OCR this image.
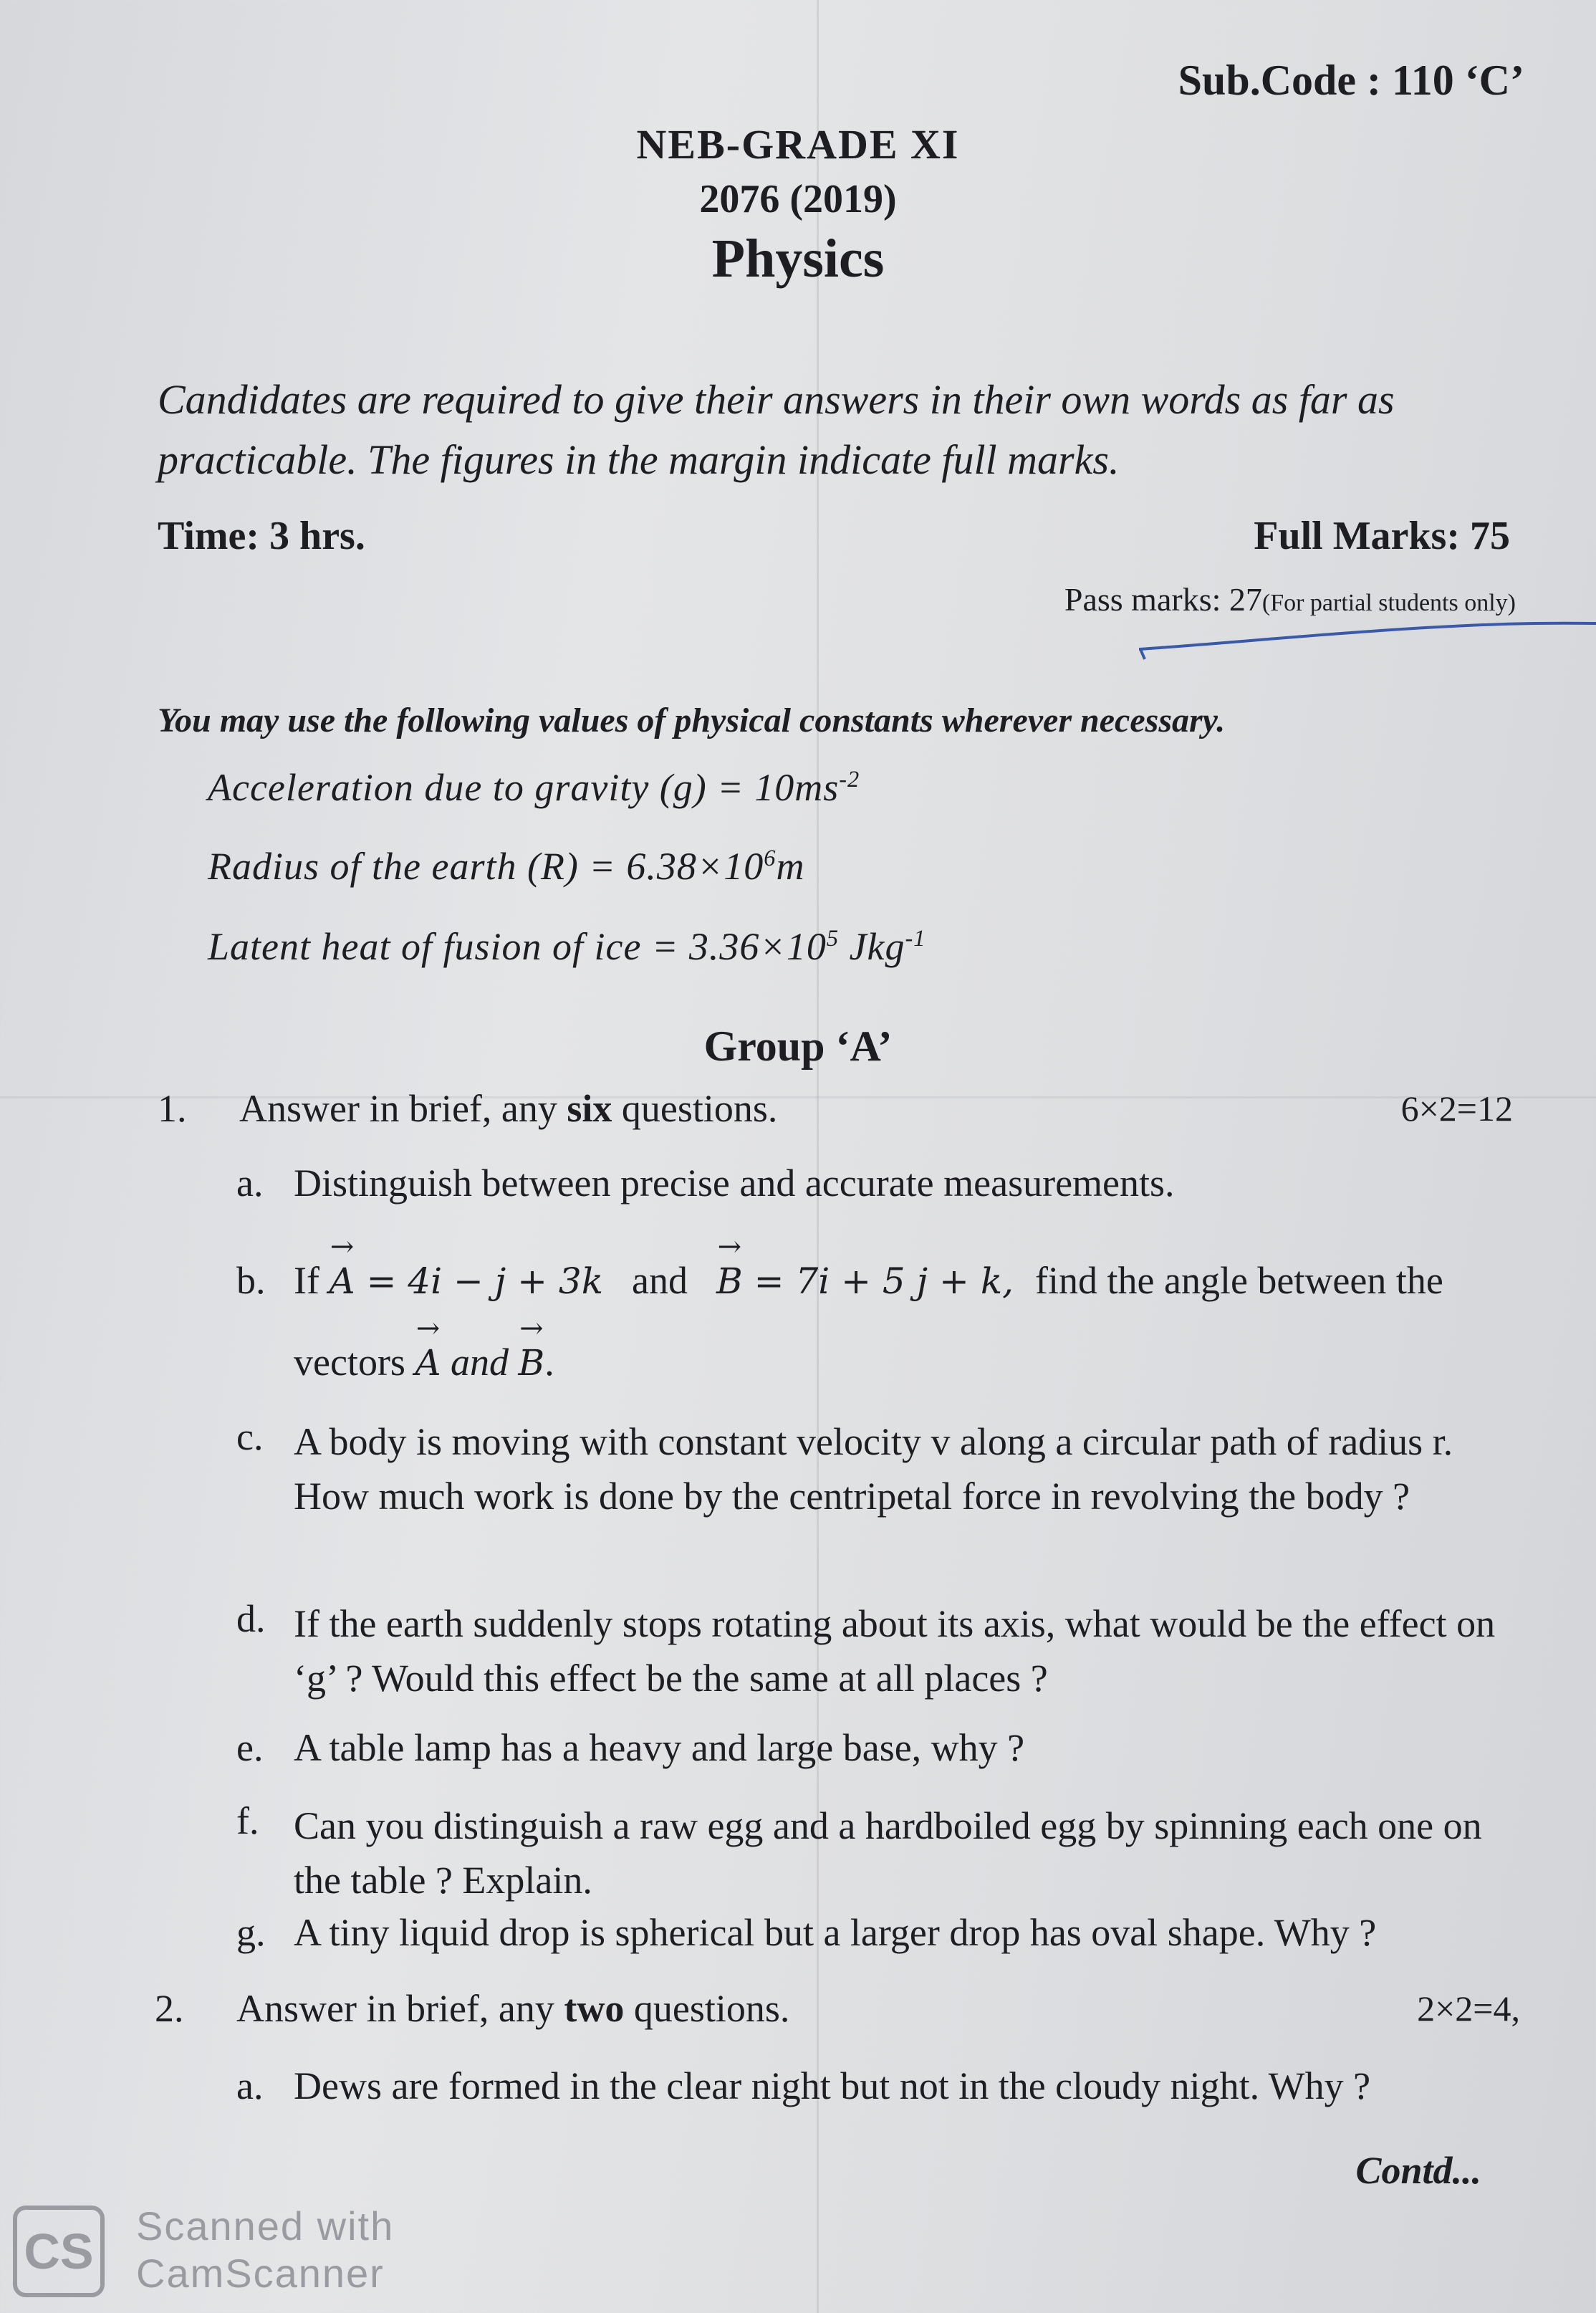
Sub.Code : 110 ‘C’
NEB-GRADE XI
2076 (2019)
Physics
Candidates are required to give their answers in their own words as far as practicable. The figures in the margin indicate full marks.
Time: 3 hrs.	Full Marks: 75
Pass marks: 27(For partial students only)
You may use the following values of physical constants wherever necessary.
Acceleration due to gravity $(g) = 10ms^{-2}$
Radius of the earth $(R) = 6.38\times 10^6m$
Latent heat of fusion of ice = $3.36\times 10^5$ Jkg$^{-1}$
Group ‘A’
1. Answer in brief, any six questions.	6×2=12
a. Distinguish between precise and accurate measurements.
b. If → A = 4i − j + 3k and→ B = 7i + 5 j + k, find the angle between the
vectors → A and → B.
c. A body is moving with constant velocity v along a circular path of radius r. How much work is done by the centripetal force in revolving the body ?
d. If the earth suddenly stops rotating about its axis, what would be the effect on ‘g’ ? Would this effect be the same at all places ?
e. A table lamp has a heavy and large base, why ?
f. Can you distinguish a raw egg and a hardboiled egg by spinning each one on the table ? Explain.
g. A tiny liquid drop is spherical but a larger drop has oval shape. Why ?
2. Answer in brief, any two questions.	2×2=4,
a. Dews are formed in the clear night but not in the cloudy night. Why ?
Contd...
CS Scanned with
CamScanner
